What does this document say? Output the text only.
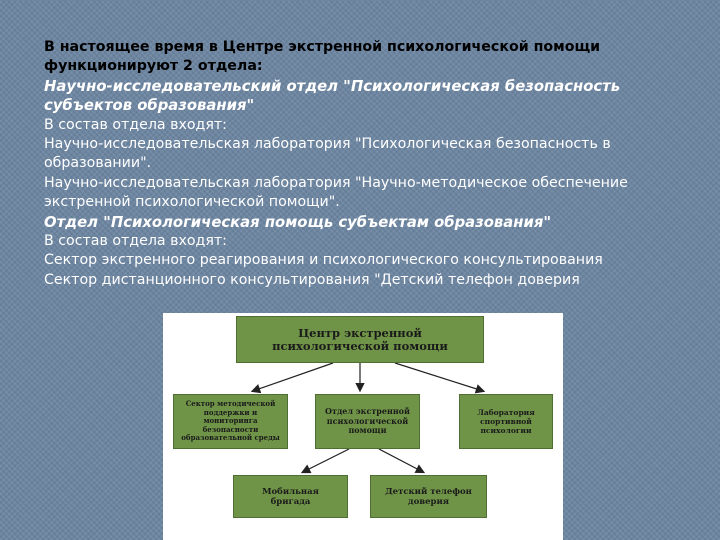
В настоящее время в Центре экстренной психологической помощи

функционируют 2 отдела:

Научно-исследовательский отдел "Психологическая безопасность

субъектов образования"

В состав отдела входят:

Научно-исследовательская лаборатория "Психологическая безопасность в

образовании".

Научно-исследовательская лаборатория "Научно-методическое обеспечение

экстренной психологической помощи".

Отдел "Психологическая помощь субъектам образования"

В состав отдела входят:

Сектор экстренного реагирования и психологического консультирования

Сектор дистанционного консультирования "Детский телефон доверия

Центр экстренной
психологической помощи
Сектор методической
поддержки и
мониторинга
безопасности
образовательной среды
Отдел экстренной
психологической
помощи
Лаборатория
спортивной
психологии
Мобильная
бригада
Детский телефон
доверия
